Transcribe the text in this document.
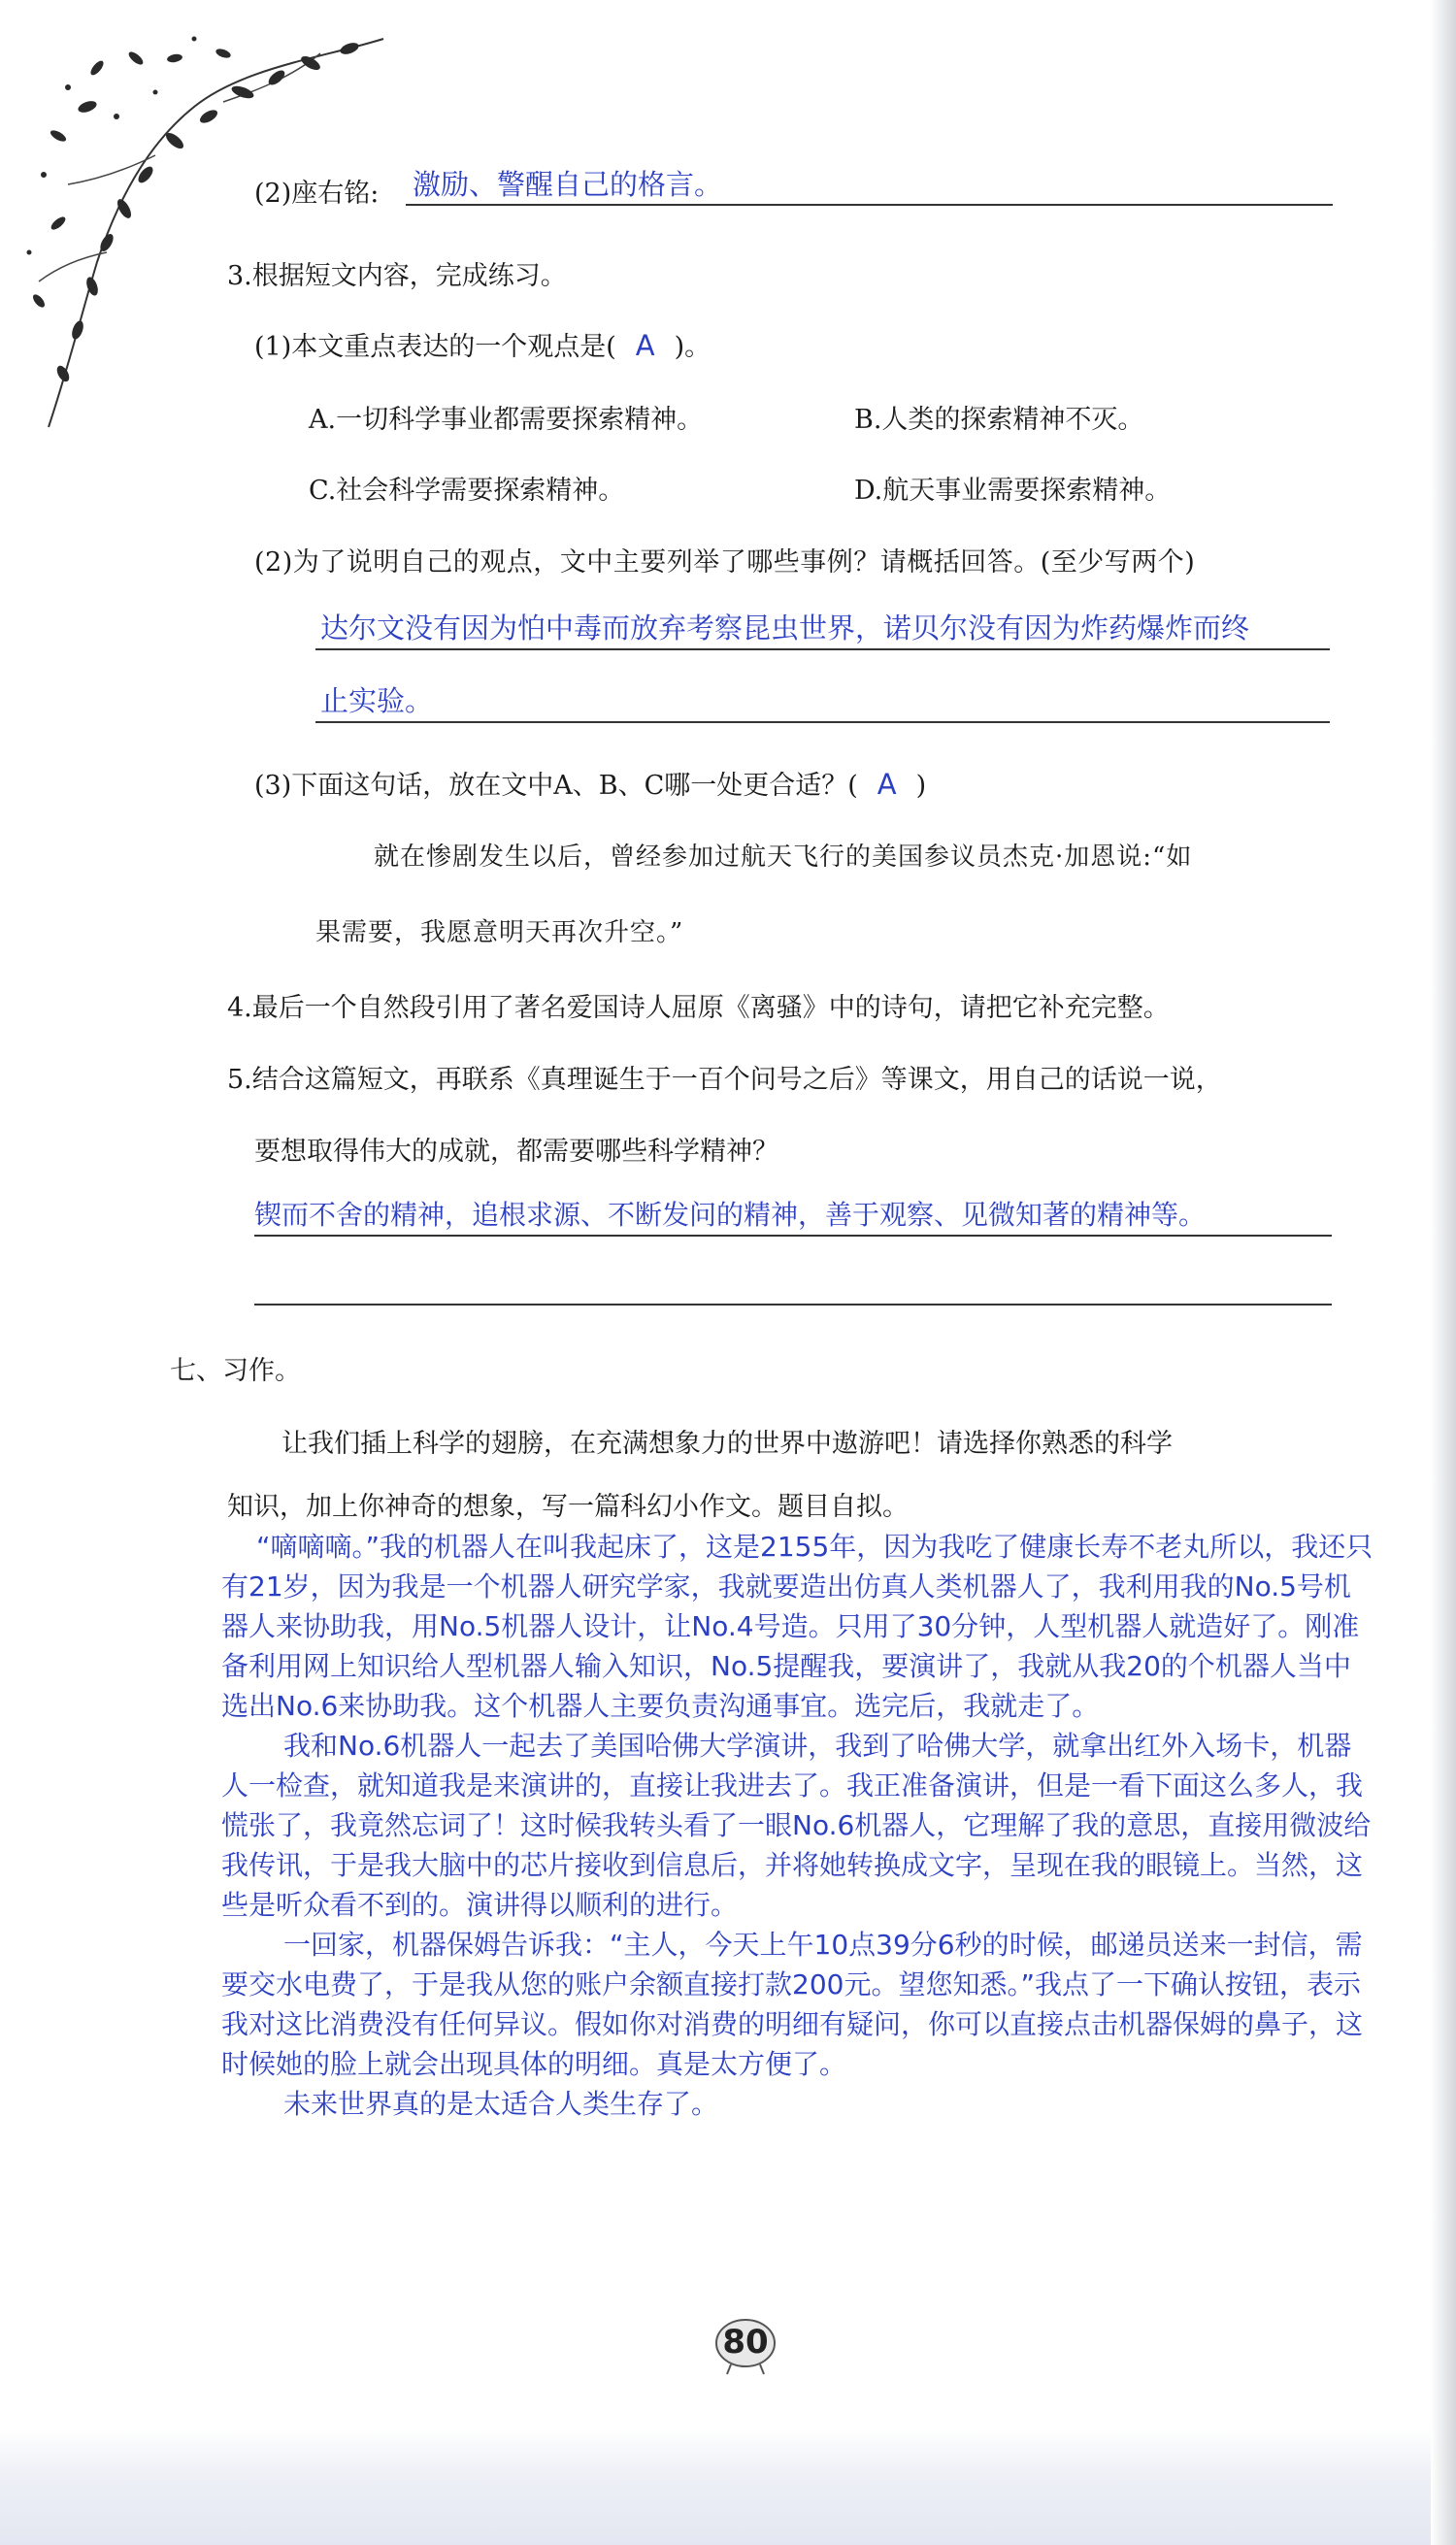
(2)座右铭: 激励、警醒自己的格言。
3.根据短文内容，完成练习。
(1)本文重点表达的一个观点是( A )。
A.一切科学事业都需要探索精神。	B.人类的探索精神不灭。
C.社会科学需要探索精神。	D.航天事业需要探索精神。
(2)为了说明自己的观点，文中主要列举了哪些事例？请概括回答。(至少写两个)
达尔文没有因为怕中毒而放弃考察昆虫世界，诺贝尔没有因为炸药爆炸而终
止实验。
(3)下面这句话，放在文中A、B、C哪一处更合适？( A )
就在惨剧发生以后，曾经参加过航天飞行的美国参议员杰克·加恩说:“如
果需要，我愿意明天再次升空。”
4.最后一个自然段引用了著名爱国诗人屈原《离骚》中的诗句，请把它补充完整。
5.结合这篇短文，再联系《真理诞生于一百个问号之后》等课文，用自己的话说一说，
要想取得伟大的成就，都需要哪些科学精神？
锲而不舍的精神，追根求源、不断发问的精神，善于观察、见微知著的精神等。
七、习作。
让我们插上科学的翅膀，在充满想象力的世界中遨游吧！请选择你熟悉的科学
知识，加上你神奇的想象，写一篇科幻小作文。题目自拟。

“嘀嘀嘀。”我的机器人在叫我起床了，这是2155年，因为我吃了健康长寿不老丸所以，我还只有21岁，因为我是一个机器人研究学家，我就要造出仿真人类机器人了，我利用我的No.5号机器人来协助我，用No.5机器人设计，让No.4号造。只用了30分钟，人型机器人就造好了。刚准备利用网上知识给人型机器人输入知识，No.5提醒我，要演讲了，我就从我20的个机器人当中选出No.6来协助我。这个机器人主要负责沟通事宜。选完后，我就走了。

我和No.6机器人一起去了美国哈佛大学演讲，我到了哈佛大学，就拿出红外入场卡，机器人一检查，就知道我是来演讲的，直接让我进去了。我正准备演讲，但是一看下面这么多人，我慌张了，我竟然忘词了！这时候我转头看了一眼No.6机器人，它理解了我的意思，直接用微波给我传讯，于是我大脑中的芯片接收到信息后，并将她转换成文字，呈现在我的眼镜上。当然，这些是听众看不到的。演讲得以顺利的进行。

一回家，机器保姆告诉我：“主人，今天上午10点39分6秒的时候，邮递员送来一封信，需要交水电费了，于是我从您的账户余额直接打款200元。望您知悉。”我点了一下确认按钮，表示我对这比消费没有任何异议。假如你对消费的明细有疑问，你可以直接点击机器保姆的鼻子，这时候她的脸上就会出现具体的明细。真是太方便了。

未来世界真的是太适合人类生存了。

80
